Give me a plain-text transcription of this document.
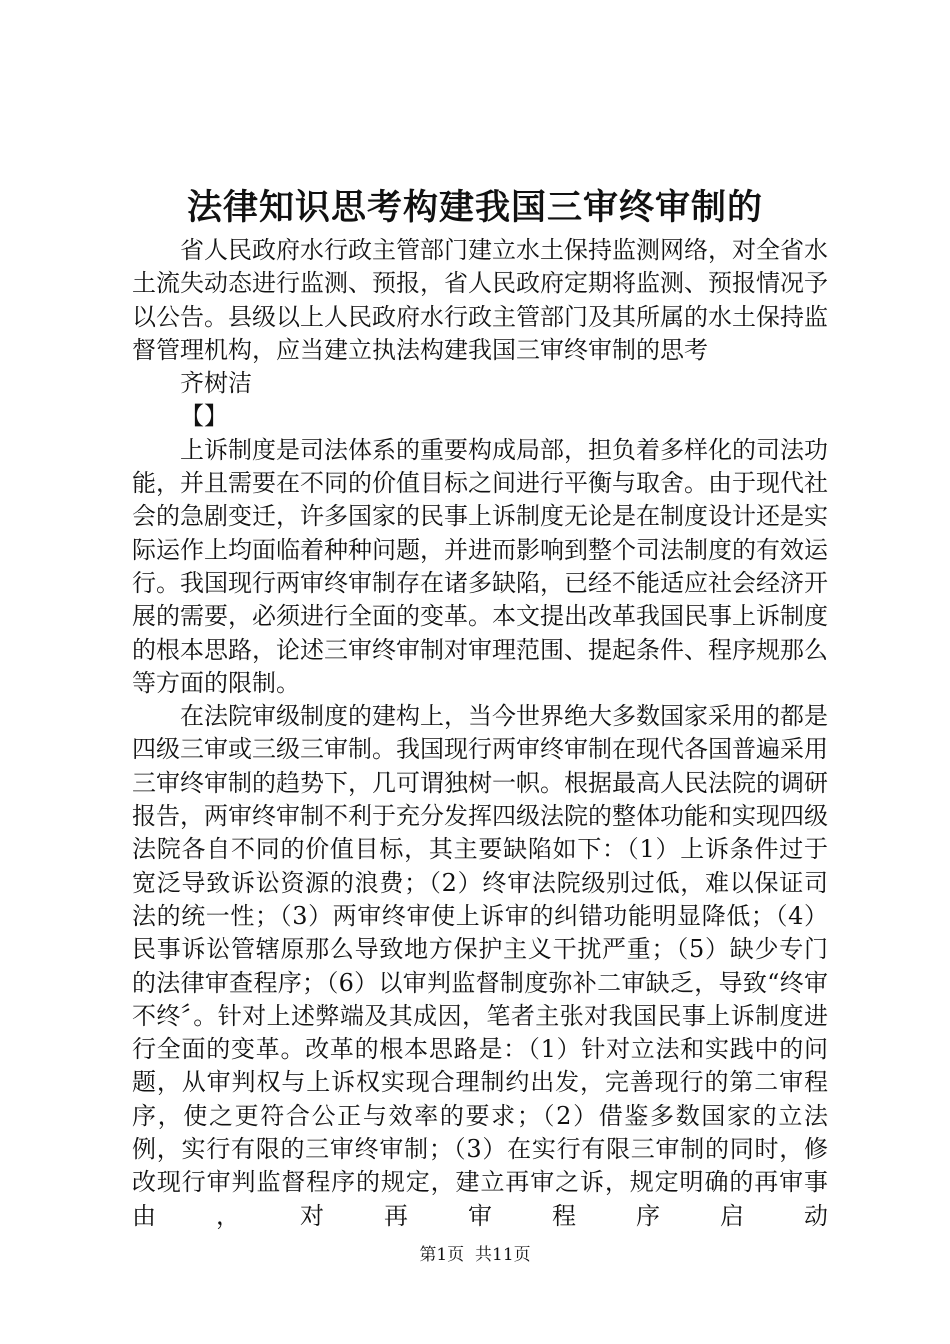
法律知识思考构建我国三审终审制的

省人民政府水行政主管部门建立水土保持监测网络，对全省水土流失动态进行监测、预报，省人民政府定期将监测、预报情况予以公告。县级以上人民政府水行政主管部门及其所属的水土保持监督管理机构，应当建立执法构建我国三审终审制的思考

齐树洁

【】

上诉制度是司法体系的重要构成局部，担负着多样化的司法功能，并且需要在不同的价值目标之间进行平衡与取舍。由于现代社会的急剧变迁，许多国家的民事上诉制度无论是在制度设计还是实际运作上均面临着种种问题，并进而影响到整个司法制度的有效运行。我国现行两审终审制存在诸多缺陷，已经不能适应社会经济开展的需要，必须进行全面的变革。本文提出改革我国民事上诉制度的根本思路，论述三审终审制对审理范围、提起条件、程序规那么等方面的限制。

在法院审级制度的建构上，当今世界绝大多数国家采用的都是四级三审或三级三审制。我国现行两审终审制在现代各国普遍采用三审终审制的趋势下，几可谓独树一帜。根据最高人民法院的调研报告，两审终审制不利于充分发挥四级法院的整体功能和实现四级法院各自不同的价值目标，其主要缺陷如下：（1）上诉条件过于宽泛导致诉讼资源的浪费；（2）终审法院级别过低，难以保证司法的统一性；（3）两审终审使上诉审的纠错功能明显降低；（4）民事诉讼管辖原那么导致地方保护主义干扰严重；（5）缺少专门的法律审查程序；（6）以审判监督制度弥补二审缺乏，导致“终审不终〞。针对上述弊端及其成因，笔者主张对我国民事上诉制度进行全面的变革。改革的根本思路是：（1）针对立法和实践中的问题，从审判权与上诉权实现合理制约出发，完善现行的第二审程序，使之更符合公正与效率的要求；（2）借鉴多数国家的立法例，实行有限的三审终审制；（3）在实行有限三审制的同时，修改现行审判监督程序的规定，建立再审之诉，规定明确的再审事由，对再审程序启动

第1页 共11页
